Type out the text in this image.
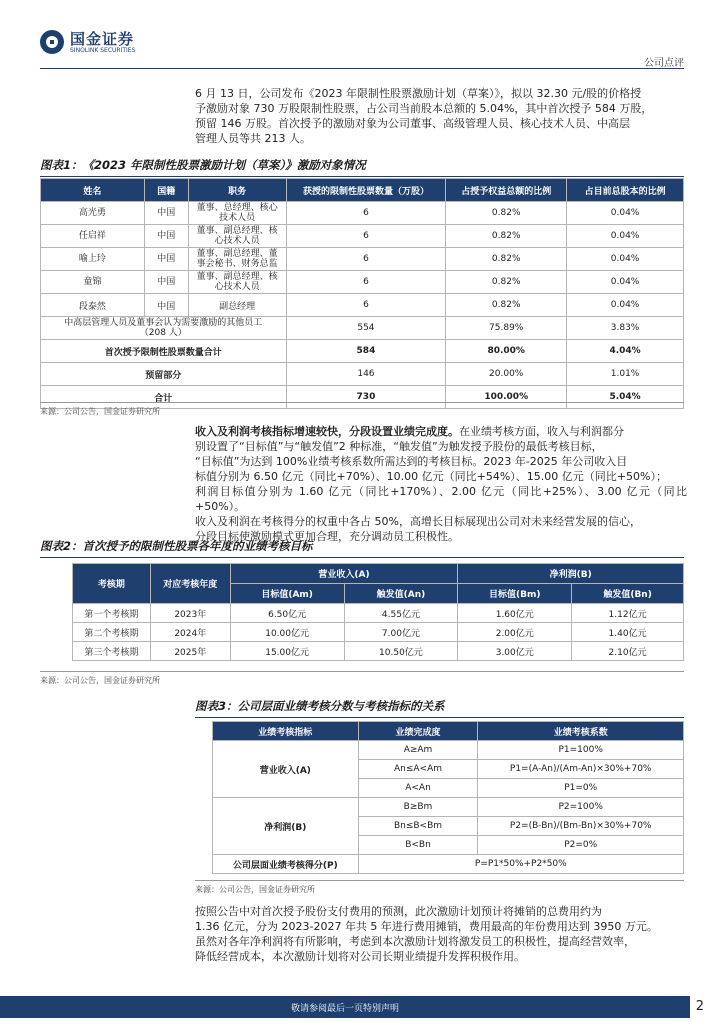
国金证券
SINOLINK SECURITIES
公司点评
6 月 13 日，公司发布《2023 年限制性股票激励计划（草案）》，拟以 32.30 元/股的价格授
予激励对象 730 万股限制性股票，占公司当前股本总额的 5.04%，其中首次授予 584 万股，
预留 146 万股。首次授予的激励对象为公司董事、高级管理人员、核心技术人员、中高层
管理人员等共 213 人。
图表1：《2023 年限制性股票激励计划（草案）》激励对象情况
姓名	国籍	职务	获授的限制性股票数量（万股）	占授予权益总额的比例	占目前总股本的比例
高光勇	中国	董事、总经理、核心
技术人员	6	0.82%	0.04%
任启祥	中国	董事、副总经理、核
心技术人员	6	0.82%	0.04%
喻上玲	中国	董事、副总经理、董
事会秘书、财务总监	6	0.82%	0.04%
童锦	中国	董事、副总经理、核
心技术人员	6	0.82%	0.04%
段泰然	中国	副总经理	6	0.82%	0.04%

中高层管理人员及董事会认为需要激励的其他员工
（208 人）			554	75.89%	3.83%
首次授予限制性股票数量合计			584	80.00%	4.04%
预留部分			146	20.00%	1.01%
合计			730	100.00%	5.04%
来源：公司公告，国金证券研究所
收入及利润考核指标增速较快，分段设置业绩完成度。在业绩考核方面，收入与利润都分
别设置了“目标值”与“触发值”2 种标准，“触发值”为触发授予股份的最低考核目标，
“目标值”为达到 100%业绩考核系数所需达到的考核目标。2023 年-2025 年公司收入目
标值分别为 6.50 亿元（同比+70%）、10.00 亿元（同比+54%）、15.00 亿元（同比+50%）；
利润目标值分别为 1.60 亿元（同比+170%）、2.00 亿元（同比+25%）、3.00 亿元（同比+50%）。
收入及利润在考核得分的权重中各占 50%，高增长目标展现出公司对未来经营发展的信心，
分段目标使激励模式更加合理，充分调动员工积极性。
图表2：首次授予的限制性股票各年度的业绩考核目标
考核期	对应考核年度	营业收入(A)		净利润(B)	
		目标值(Am)	触发值(An)	目标值(Bm)	触发值(Bn)
第一个考核期	2023年	6.50亿元	4.55亿元	1.60亿元	1.12亿元
第二个考核期	2024年	10.00亿元	7.00亿元	2.00亿元	1.40亿元
第三个考核期	2025年	15.00亿元	10.50亿元	3.00亿元	2.10亿元
来源：公司公告，国金证券研究所
图表3：公司层面业绩考核分数与考核指标的关系
业绩考核指标	业绩完成度	业绩考核系数
营业收入(A)	A≥Am	P1=100%
	An≤A<Am	P1=(A-An)/(Am-An)×30%+70%
	A<An	P1=0%
净利润(B)	B≥Bm	P2=100%
	Bn≤B<Bm	P2=(B-Bn)/(Bm-Bn)×30%+70%
	B<Bn	P2=0%
公司层面业绩考核得分(P)	P=P1*50%+P2*50%	
来源：公司公告，国金证券研究所
按照公告中对首次授予股份支付费用的预测，此次激励计划预计将摊销的总费用约为
1.36 亿元，分为 2023-2027 年共 5 年进行费用摊销，费用最高的年份费用达到 3950 万元。
虽然对各年净利润将有所影响，考虑到本次激励计划将激发员工的积极性，提高经营效率，
降低经营成本，本次激励计划将对公司长期业绩提升发挥积极作用。
敬请参阅最后一页特别声明	2
